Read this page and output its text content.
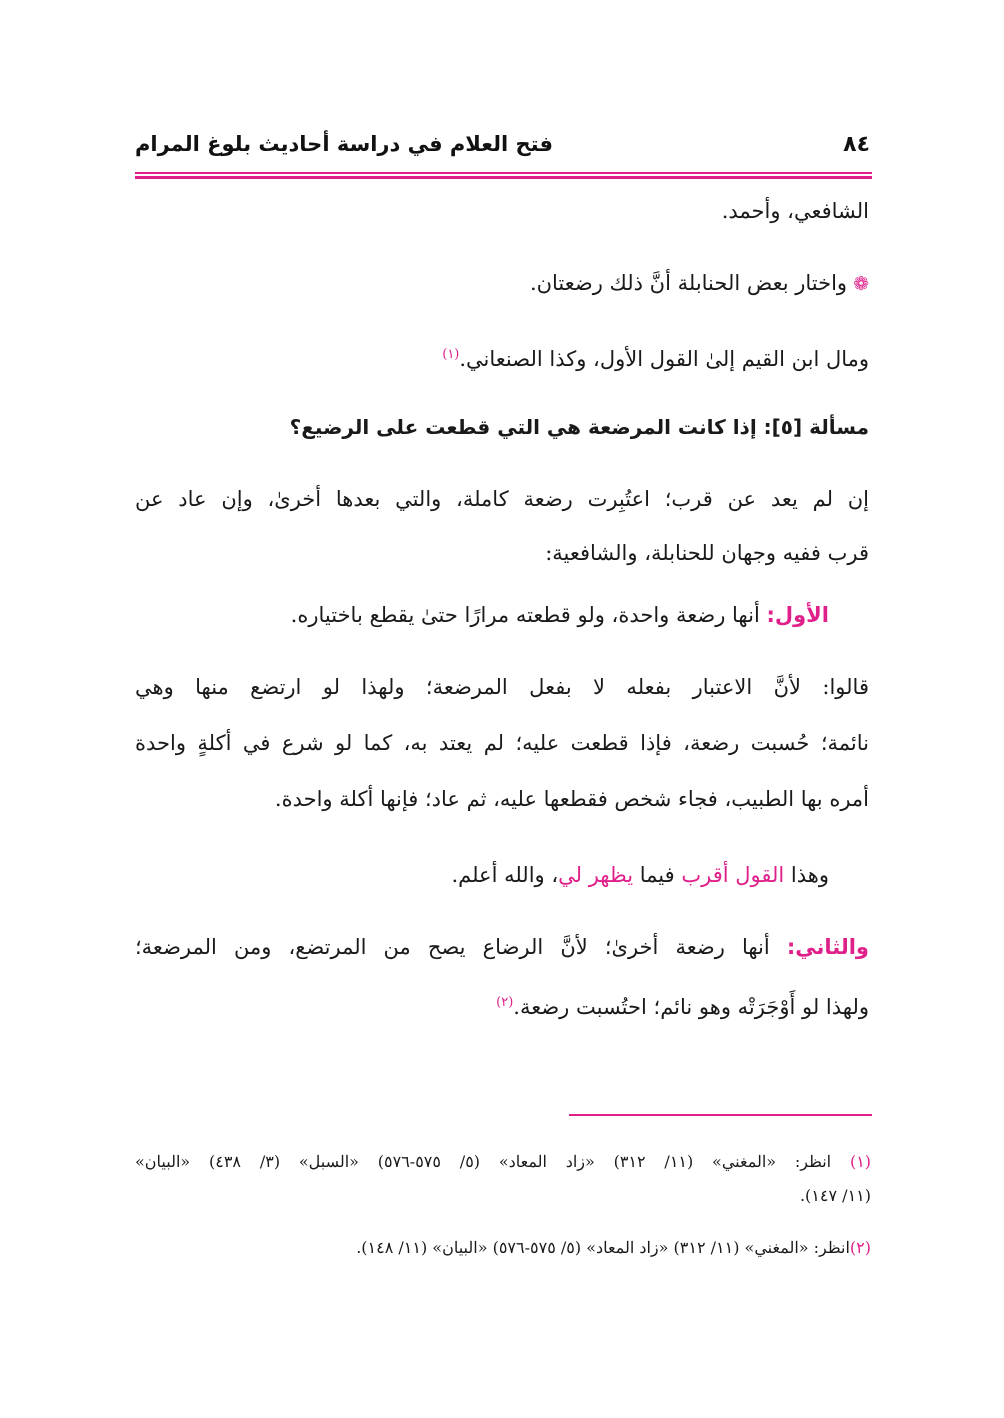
فتح العلام في دراسة أحاديث بلوغ المرام	٨٤
الشافعي، وأحمد.
❁واختار بعض الحنابلة أنَّ ذلك رضعتان.
ومال ابن القيم إلىٰ القول الأول، وكذا الصنعاني.$^{(١)}$
مسألة [٥]: إذا كانت المرضعة هي التي قطعت على الرضيع؟
إن لم يعد عن قرب؛ اعتُبِرت رضعة كاملة، والتي بعدها أخرىٰ، وإن عاد عن
قرب ففيه وجهان للحنابلة، والشافعية:
الأول: أنها رضعة واحدة، ولو قطعته مرارًا حتىٰ يقطع باختياره.
قالوا: لأنَّ الاعتبار بفعله لا بفعل المرضعة؛ ولهذا لو ارتضع منها وهي
نائمة؛ حُسبت رضعة، فإذا قطعت عليه؛ لم يعتد به، كما لو شرع في أكلةٍ واحدة
أمره بها الطبيب، فجاء شخص فقطعها عليه، ثم عاد؛ فإنها أكلة واحدة.
وهذا القول أقرب فيما يظهر لي، والله أعلم.
والثاني: أنها رضعة أخرىٰ؛ لأنَّ الرضاع يصح من المرتضع، ومن المرضعة؛
ولهذا لو أَوْجَرَتْه وهو نائم؛ احتُسبت رضعة.$^{(٢)}$
(١) انظر: «المغني» (١١/ ٣١٢) «زاد المعاد» (٥/ ٥٧٥-٥٧٦) «السبل» (٣/ ٤٣٨) «البيان»
(١١/ ١٤٧).
(٢)انظر: «المغني» (١١/ ٣١٢) «زاد المعاد» (٥/ ٥٧٥-٥٧٦) «البيان» (١١/ ١٤٨).
